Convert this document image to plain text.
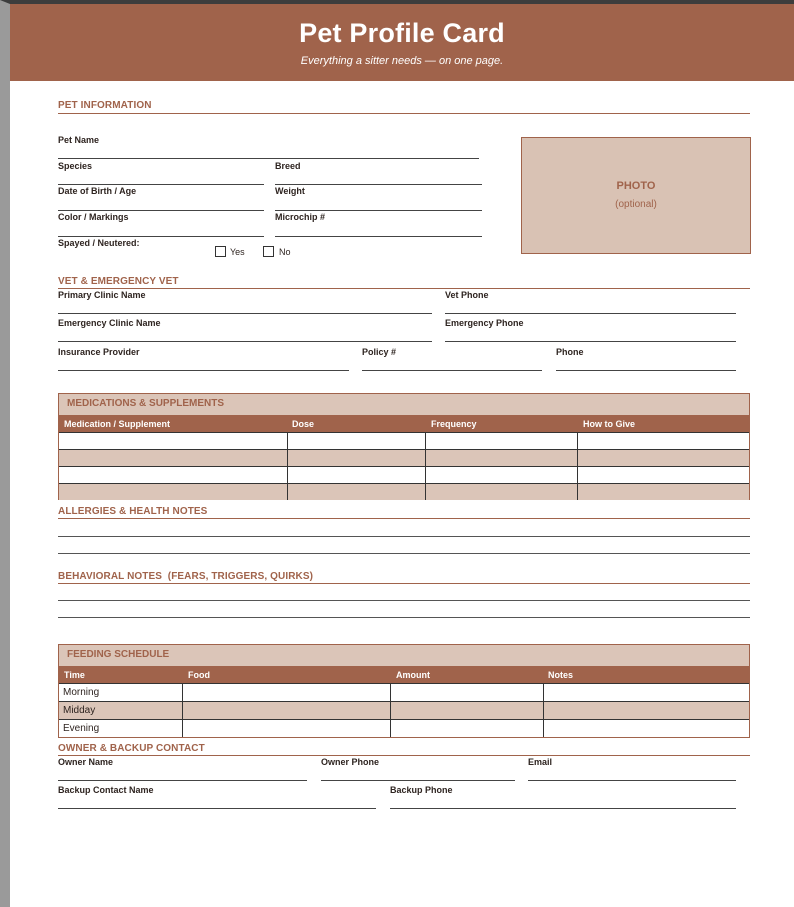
Pet Profile Card
Everything a sitter needs — on one page.
PET INFORMATION
Pet Name
Species	Breed
Date of Birth / Age	Weight
Color / Markings	Microchip #
Spayed / Neutered:
Yes	No
PHOTO
(optional)
VET & EMERGENCY VET
Primary Clinic Name	Vet Phone
Emergency Clinic Name	Emergency Phone
Insurance Provider	Policy #	Phone
MEDICATIONS & SUPPLEMENTS
Medication / Supplement	Dose	Frequency	How to Give
ALLERGIES & HEALTH NOTES
BEHAVIORAL NOTES  (FEARS, TRIGGERS, QUIRKS)
FEEDING SCHEDULE
Time	Food	Amount	Notes
Morning
Midday
Evening
OWNER & BACKUP CONTACT
Owner Name	Owner Phone	Email
Backup Contact Name	Backup Phone
